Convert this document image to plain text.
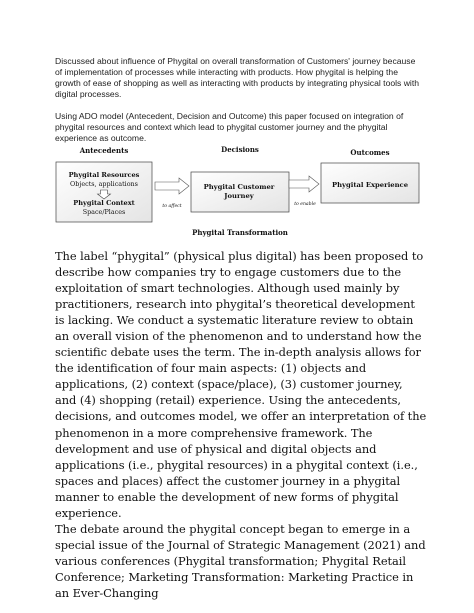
Discussed about influence of Phygital on overall transformation of Customers' journey because of implementation of processes while interacting with products. How phygital is helping the growth of ease of shopping as well as interacting with products by integrating physical tools with digital processes.
Using ADO model (Antecedent, Decision and Outcome) this paper focused on integration of phygital resources and context which lead to phygital customer journey and the phygital experience as outcome.
Antecedents	Decisions	Outcomes
Phygital Resources
Objects, applications
Phygital Context
Space/Places
to affect
Phygital Customer
Journey
to enable
Phygital Experience
Phygital Transformation

The label “phygital” (physical plus digital) has been proposed to describe how companies try to engage customers due to the exploitation of smart technologies. Although used mainly by practitioners, research into phygital’s theoretical development is lacking. We conduct a systematic literature review to obtain an overall vision of the phenomenon and to understand how the scientific debate uses the term. The in-depth analysis allows for the identification of four main aspects: (1) objects and applications, (2) context (space/place), (3) customer journey, and (4) shopping (retail) experience. Using the antecedents, decisions, and outcomes model, we offer an interpretation of the phenomenon in a more comprehensive framework. The development and use of physical and digital objects and applications (i.e., phygital resources) in a phygital context (i.e., spaces and places) affect the customer journey in a phygital manner to enable the development of new forms of phygital experience.

The debate around the phygital concept began to emerge in a special issue of the Journal of Strategic Management (2021) and various conferences (Phygital transformation; Phygital Retail Conference; Marketing Transformation: Marketing Practice in an Ever-Changing
